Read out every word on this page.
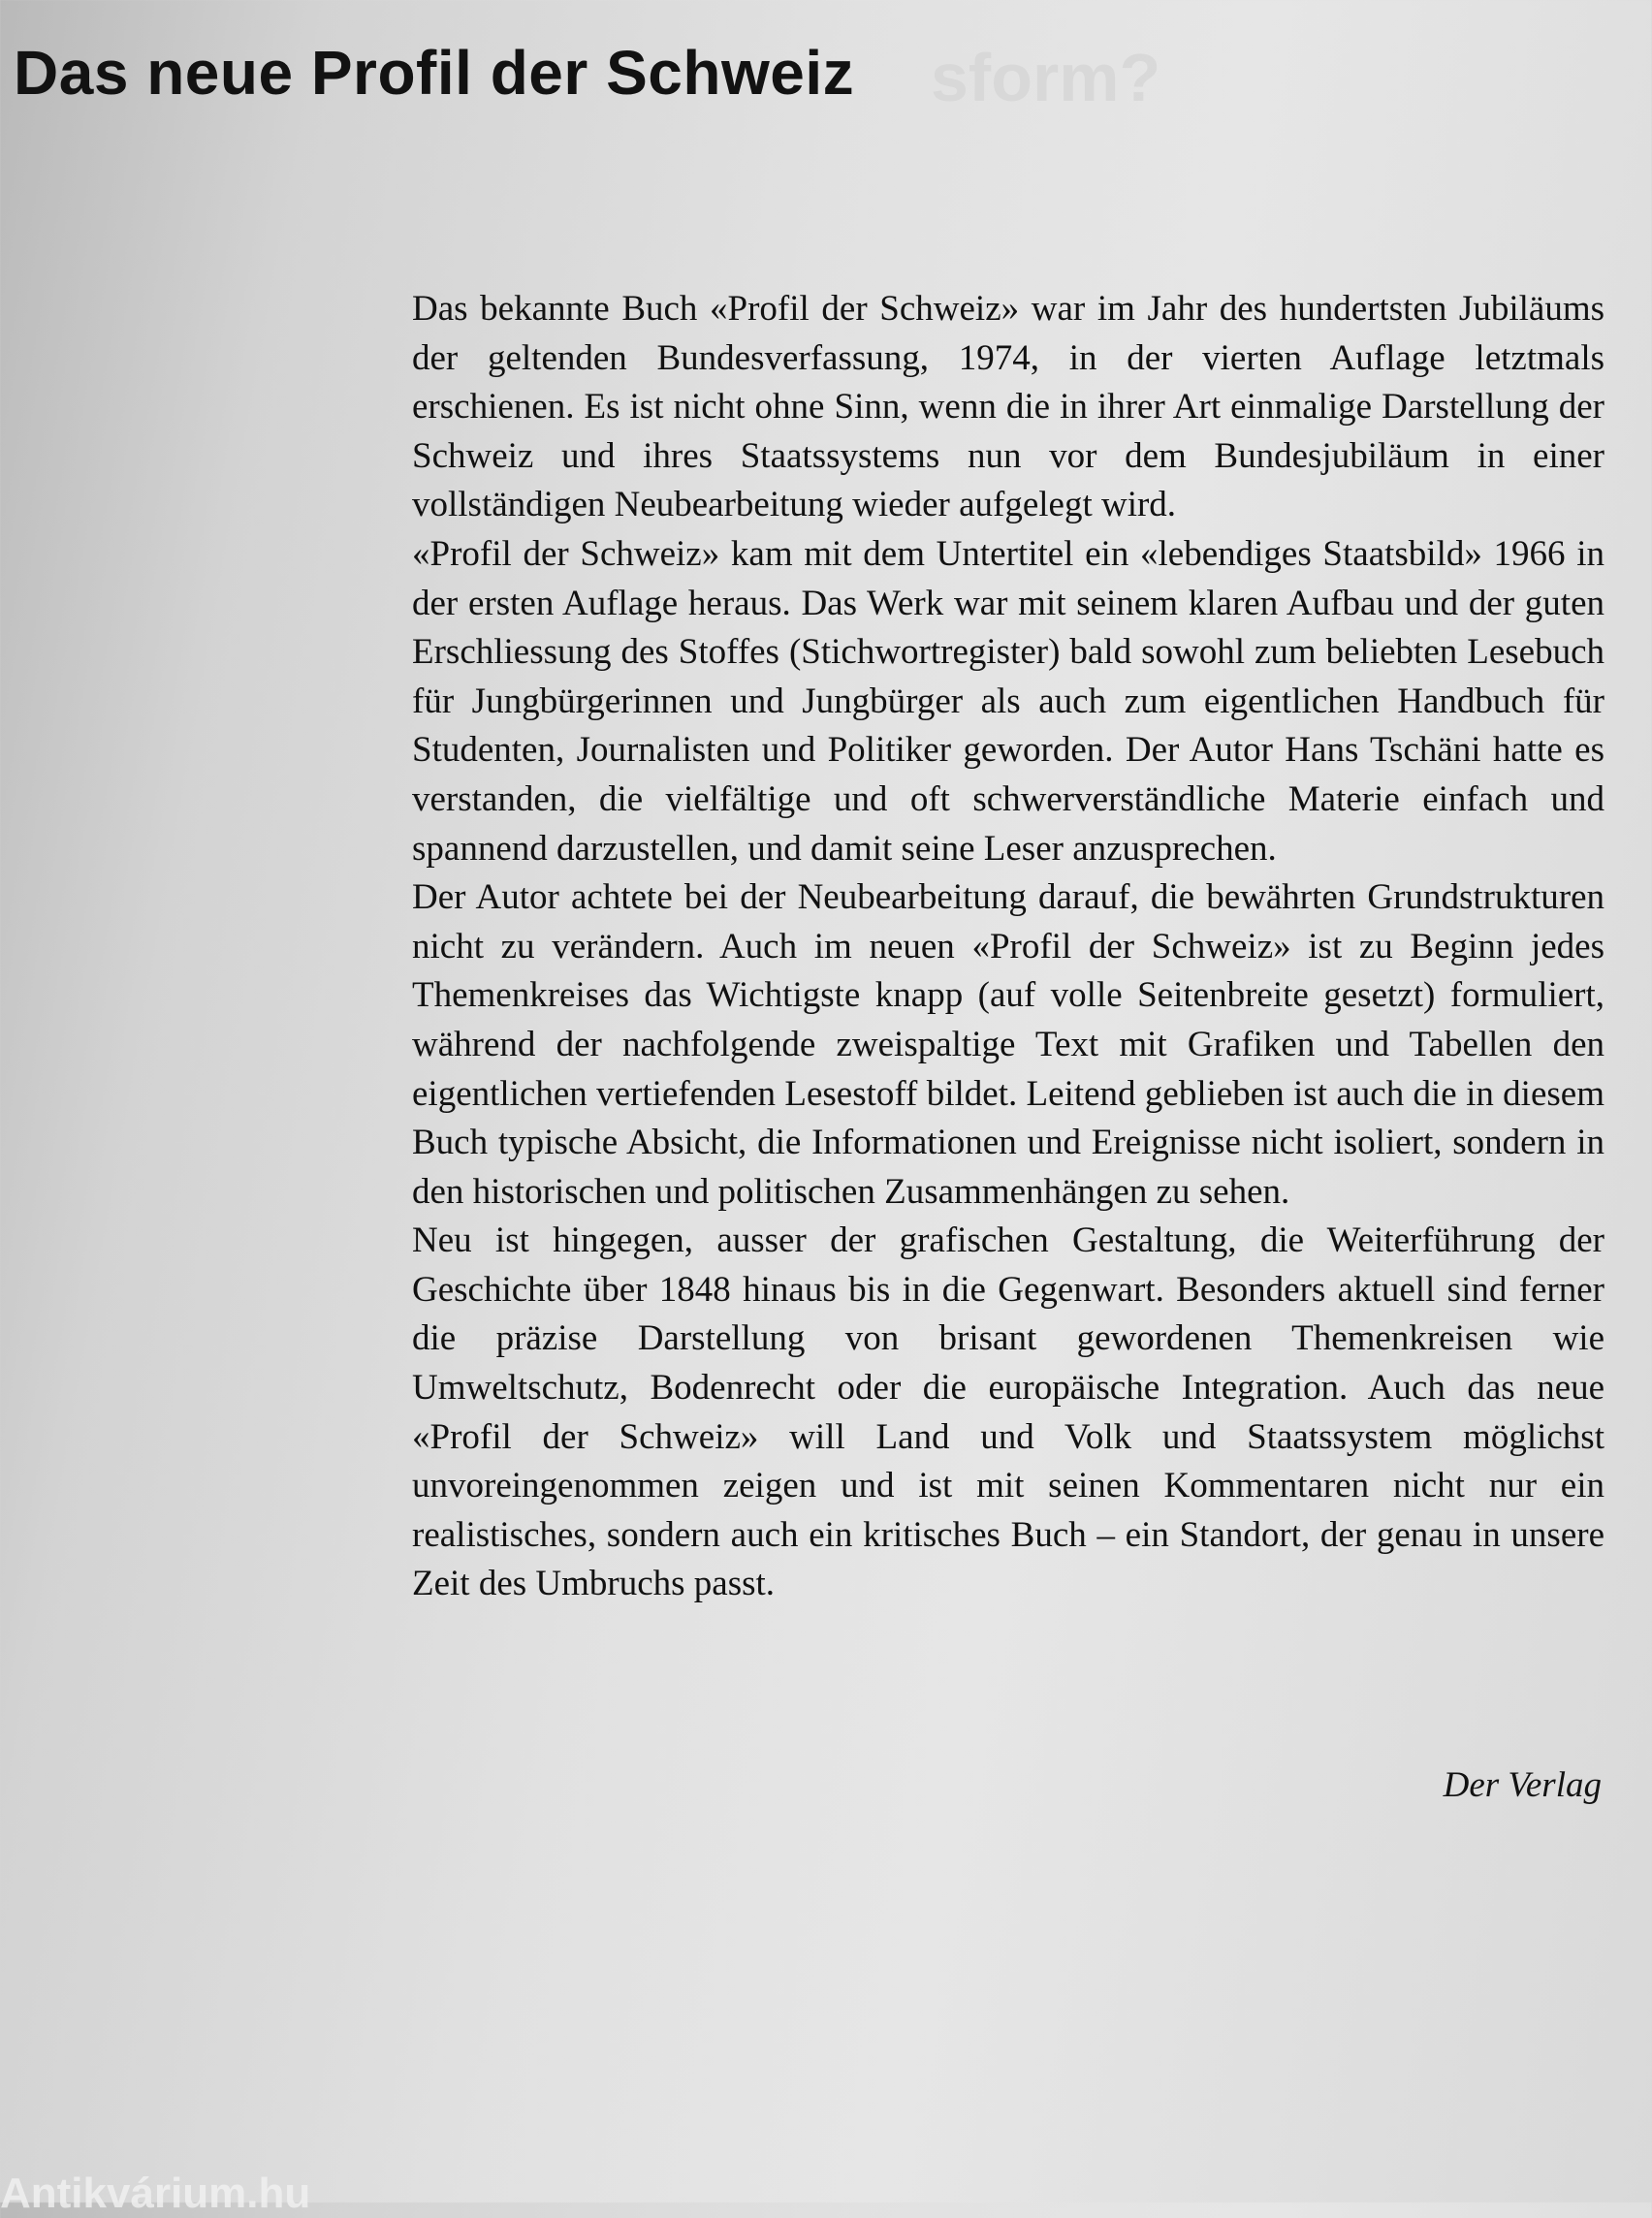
sform?
Das neue Profil der Schweiz

Das bekannte Buch «Profil der Schweiz» war im Jahr des hundertsten Jubiläums der geltenden Bundesverfassung, 1974, in der vierten Auflage letztmals erschienen. Es ist nicht ohne Sinn, wenn die in ihrer Art einmalige Darstellung der Schweiz und ihres Staatssystems nun vor dem Bundesjubiläum in einer vollständigen Neubearbeitung wieder aufgelegt wird.

«Profil der Schweiz» kam mit dem Untertitel ein «lebendiges Staatsbild» 1966 in der ersten Auflage heraus. Das Werk war mit seinem klaren Aufbau und der guten Erschliessung des Stoffes (Stichwortregister) bald sowohl zum beliebten Lesebuch für Jungbürgerinnen und Jungbürger als auch zum eigentlichen Handbuch für Studenten, Journalisten und Politiker geworden. Der Autor Hans Tschäni hatte es verstanden, die vielfältige und oft schwerverständliche Materie einfach und spannend darzustellen, und damit seine Leser anzusprechen.

Der Autor achtete bei der Neubearbeitung darauf, die bewährten Grundstrukturen nicht zu verändern. Auch im neuen «Profil der Schweiz» ist zu Beginn jedes Themenkreises das Wichtigste knapp (auf volle Seitenbreite gesetzt) formuliert, während der nachfolgende zweispaltige Text mit Grafiken und Tabellen den eigentlichen vertiefenden Lesestoff bildet. Leitend geblieben ist auch die in diesem Buch typische Absicht, die Informationen und Ereignisse nicht isoliert, sondern in den historischen und politischen Zusammenhängen zu sehen.

Neu ist hingegen, ausser der grafischen Gestaltung, die Weiterführung der Geschichte über 1848 hinaus bis in die Gegenwart. Besonders aktuell sind ferner die präzise Darstellung von brisant gewordenen Themenkreisen wie Umweltschutz, Bodenrecht oder die europäische Integration. Auch das neue «Profil der Schweiz» will Land und Volk und Staatssystem möglichst unvoreingenommen zeigen und ist mit seinen Kommentaren nicht nur ein realistisches, sondern auch ein kritisches Buch – ein Standort, der genau in unsere Zeit des Umbruchs passt.

Der Verlag
Antikvárium.hu
